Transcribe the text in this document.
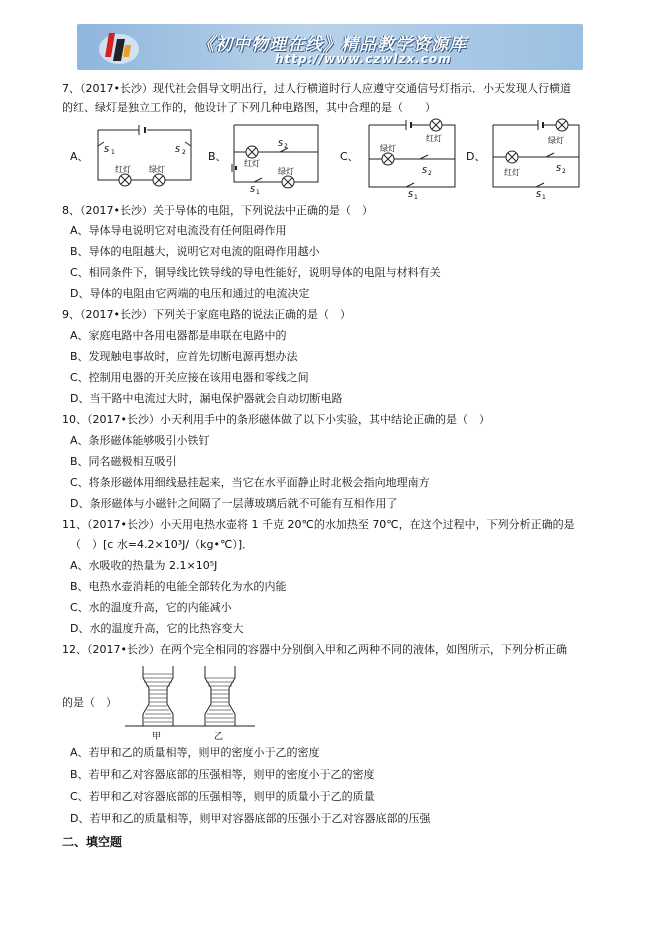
《初中物理在线》精品教学资源库
http://www.czwlzx.com
7、（2017•长沙）现代社会倡导文明出行，过人行横道时行人应遵守交通信号灯指示．小天发现人行横道
的红、绿灯是独立工作的，他设计了下列几种电路图，其中合理的是（　　）
A、	B、	C、	D、
S 1	S 2
红灯 绿灯
S 2
红灯
绿灯
S 1
红灯
绿灯
S 2
S 1
绿灯
红灯	S 2
S 1
8、（2017•长沙）关于导体的电阻，下列说法中正确的是（　）
A、导体导电说明它对电流没有任何阻碍作用
B、导体的电阻越大，说明它对电流的阻碍作用越小
C、相同条件下，铜导线比铁导线的导电性能好，说明导体的电阻与材料有关
D、导体的电阻由它两端的电压和通过的电流决定
9、（2017•长沙）下列关于家庭电路的说法正确的是（　）
A、家庭电路中各用电器都是串联在电路中的
B、发现触电事故时，应首先切断电源再想办法
C、控制用电器的开关应接在该用电器和零线之间
D、当干路中电流过大时，漏电保护器就会自动切断电路
10、（2017•长沙）小天利用手中的条形磁体做了以下小实验，其中结论正确的是（　）
A、条形磁体能够吸引小铁钉
B、同名磁极相互吸引
C、将条形磁体用细线悬挂起来，当它在水平面静止时北极会指向地理南方
D、条形磁体与小磁针之间隔了一层薄玻璃后就不可能有互相作用了
11、（2017•长沙）小天用电热水壶将 1 千克 20℃的水加热至 70℃，在这个过程中，下列分析正确的是
（　）[c 水=4.2×10³J/（kg•℃）]．
A、水吸收的热量为 2.1×10⁵J
B、电热水壶消耗的电能全部转化为水的内能
C、水的温度升高，它的内能减小
D、水的温度升高，它的比热容变大
12、（2017•长沙）在两个完全相同的容器中分别倒入甲和乙两种不同的液体，如图所示，下列分析正确
的是（　）
甲	乙
A、若甲和乙的质量相等，则甲的密度小于乙的密度
B、若甲和乙对容器底部的压强相等，则甲的密度小于乙的密度
C、若甲和乙对容器底部的压强相等，则甲的质量小于乙的质量
D、若甲和乙的质量相等，则甲对容器底部的压强小于乙对容器底部的压强
二、填空题
